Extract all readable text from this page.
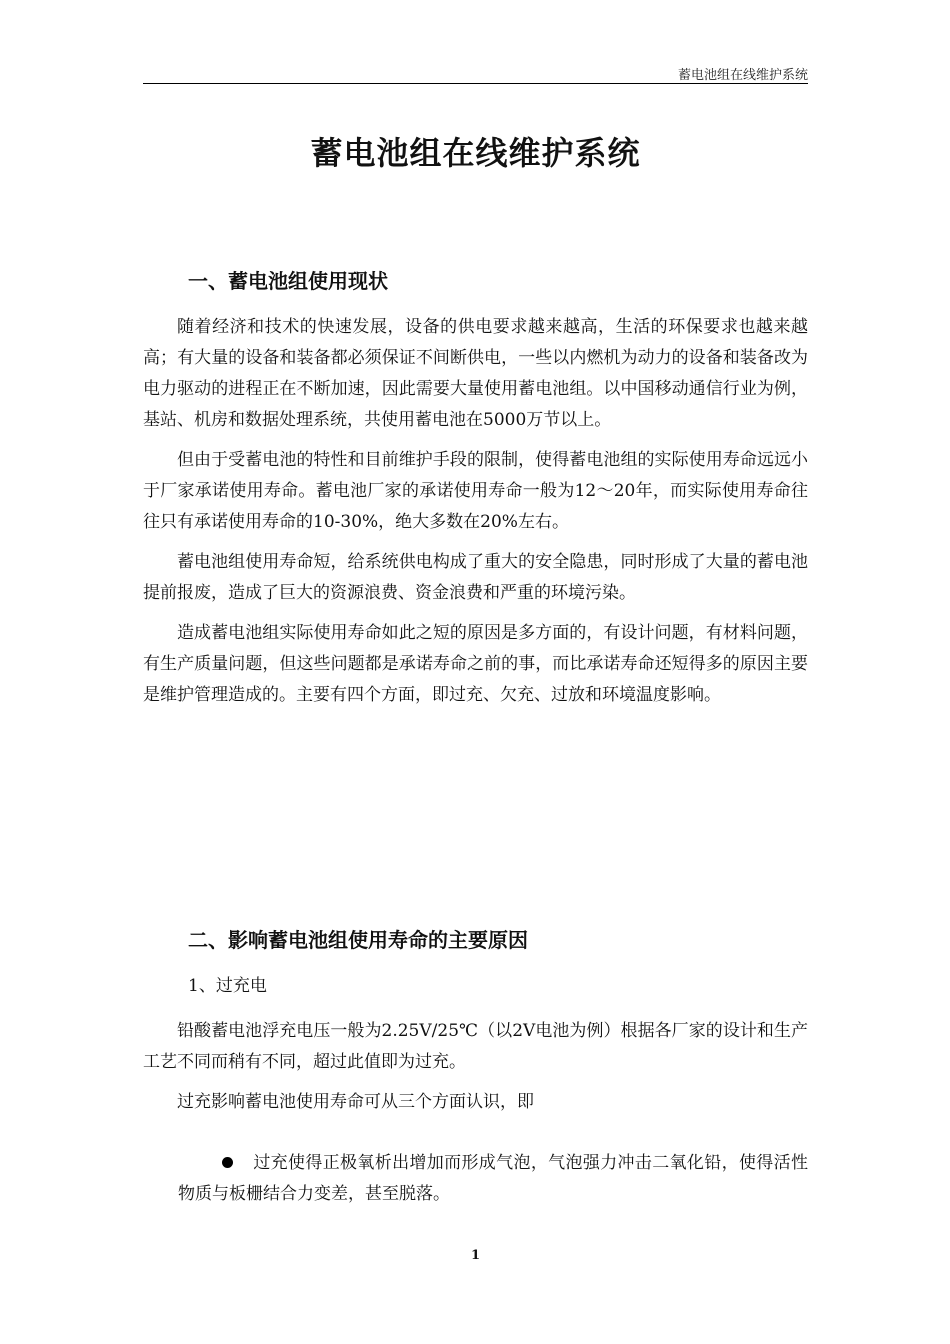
蓄电池组在线维护系统
蓄电池组在线维护系统
一、蓄电池组使用现状

随着经济和技术的快速发展，设备的供电要求越来越高，生活的环保要求也越来越高；有大量的设备和装备都必须保证不间断供电，一些以内燃机为动力的设备和装备改为电力驱动的进程正在不断加速，因此需要大量使用蓄电池组。以中国移动通信行业为例，基站、机房和数据处理系统，共使用蓄电池在5000万节以上。

但由于受蓄电池的特性和目前维护手段的限制，使得蓄电池组的实际使用寿命远远小于厂家承诺使用寿命。蓄电池厂家的承诺使用寿命一般为12～20年，而实际使用寿命往往只有承诺使用寿命的10-30%，绝大多数在20%左右。

蓄电池组使用寿命短，给系统供电构成了重大的安全隐患，同时形成了大量的蓄电池提前报废，造成了巨大的资源浪费、资金浪费和严重的环境污染。

造成蓄电池组实际使用寿命如此之短的原因是多方面的，有设计问题，有材料问题，有生产质量问题，但这些问题都是承诺寿命之前的事，而比承诺寿命还短得多的原因主要是维护管理造成的。主要有四个方面，即过充、欠充、过放和环境温度影响。

二、影响蓄电池组使用寿命的主要原因
1、过充电

铅酸蓄电池浮充电压一般为2.25V/25℃（以2V电池为例）根据各厂家的设计和生产工艺不同而稍有不同，超过此值即为过充。

过充影响蓄电池使用寿命可从三个方面认识，即

过充使得正极氧析出增加而形成气泡，气泡强力冲击二氧化铅，使得活性物质与板栅结合力变差，甚至脱落。
1
